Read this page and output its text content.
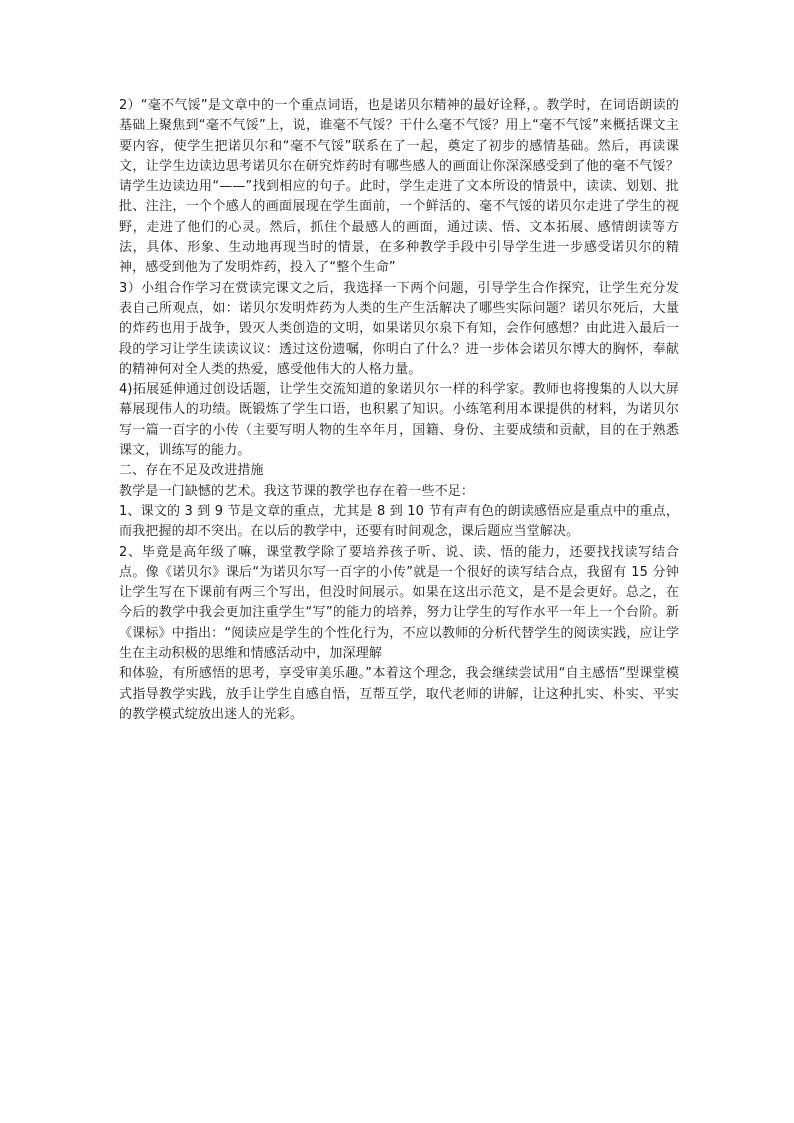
2）“毫不气馁”是文章中的一个重点词语，也是诺贝尔精神的最好诠释，。教学时，在词语朗读的基础上聚焦到“毫不气馁”上，说，谁毫不气馁？干什么毫不气馁？用上“毫不气馁”来概括课文主要内容，使学生把诺贝尔和“毫不气馁”联系在了一起，奠定了初步的感情基础。然后，再读课文，让学生边读边思考诺贝尔在研究炸药时有哪些感人的画面让你深深感受到了他的毫不气馁？请学生边读边用“——”找到相应的句子。此时，学生走进了文本所设的情景中，读读、划划、批批、注注，一个个感人的画面展现在学生面前，一个鲜活的、毫不气馁的诺贝尔走进了学生的视野，走进了他们的心灵。然后，抓住个最感人的画面，通过读、悟、文本拓展、感情朗读等方法，具体、形象、生动地再现当时的情景，在多种教学手段中引导学生进一步感受诺贝尔的精神，感受到他为了发明炸药，投入了“整个生命”

3）小组合作学习在赏读完课文之后，我选择一下两个问题，引导学生合作探究，让学生充分发表自己所观点，如：诺贝尔发明炸药为人类的生产生活解决了哪些实际问题？诺贝尔死后，大量的炸药也用于战争，毁灭人类创造的文明，如果诺贝尔泉下有知，会作何感想？由此进入最后一段的学习让学生读读议议：透过这份遗嘱，你明白了什么？进一步体会诺贝尔博大的胸怀，奉献的精神何对全人类的热爱，感受他伟大的人格力量。

4)拓展延伸通过创设话题，让学生交流知道的象诺贝尔一样的科学家。教师也将搜集的人以大屏幕展现伟人的功绩。既锻炼了学生口语，也积累了知识。小练笔利用本课提供的材料，为诺贝尔写一篇一百字的小传（主要写明人物的生卒年月，国籍、身份、主要成绩和贡献，目的在于熟悉课文，训练写的能力。

二、存在不足及改进措施

教学是一门缺憾的艺术。我这节课的教学也存在着一些不足：

1、课文的 3 到 9 节是文章的重点，尤其是 8 到 10 节有声有色的朗读感悟应是重点中的重点，而我把握的却不突出。在以后的教学中，还要有时间观念，课后题应当堂解决。

2、毕竟是高年级了嘛，课堂教学除了要培养孩子听、说、读、悟的能力，还要找找读写结合点。像《诺贝尔》课后“为诺贝尔写一百字的小传”就是一个很好的读写结合点，我留有 15 分钟让学生写在下课前有两三个写出，但没时间展示。如果在这出示范文，是不是会更好。总之，在今后的教学中我会更加注重学生“写”的能力的培养，努力让学生的写作水平一年上一个台阶。新《课标》中指出：“阅读应是学生的个性化行为，不应以教师的分析代替学生的阅读实践，应让学生在主动积极的思维和情感活动中，加深理解

和体验，有所感悟的思考，享受审美乐趣。”本着这个理念，我会继续尝试用“自主感悟”型课堂模式指导教学实践，放手让学生自感自悟，互帮互学，取代老师的讲解，让这种扎实、朴实、平实的教学模式绽放出迷人的光彩。
